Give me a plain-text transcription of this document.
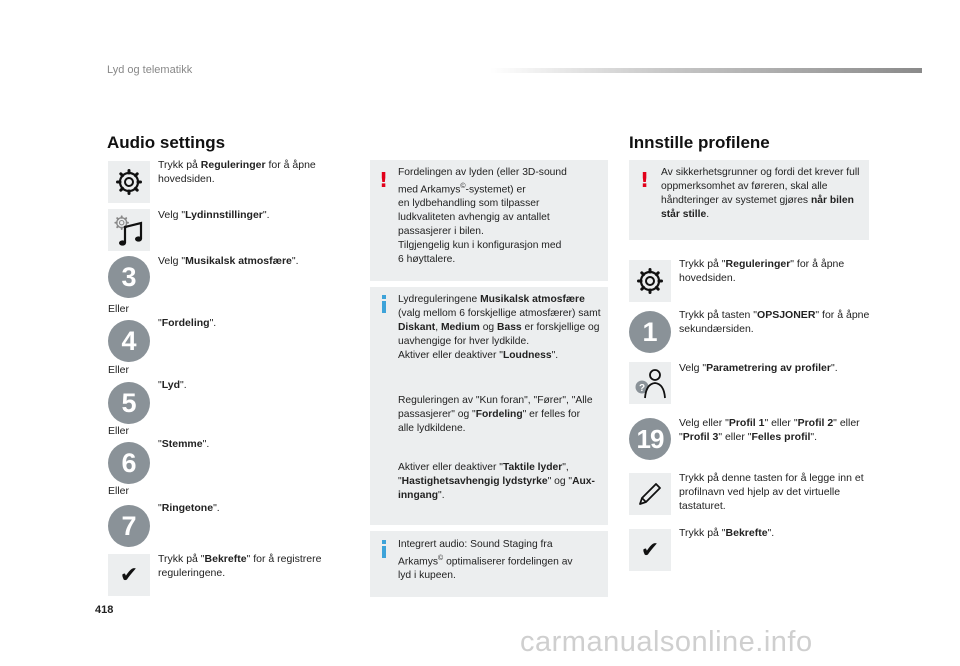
Lyd og telematikk
Audio settings
Trykk på Reguleringer for å åpne hovedsiden.
Velg "Lydinnstillinger".
3
Velg "Musikalsk atmosfære".
Eller
4
"Fordeling".
Eller
5
"Lyd".
Eller
6
"Stemme".
Eller
7
"Ringetone".
✔
Trykk på "Bekrefte" for å registrere reguleringene.
! Fordelingen av lyden (eller 3D-sound
med Arkamys©-systemet) er
en lydbehandling som tilpasser
ludkvaliteten avhengig av antallet
passasjerer i bilen.
Tilgjengelig kun i konfigurasjon med
6 høyttalere.
Lydreguleringene Musikalsk atmosfære (valg mellom 6 forskjellige atmosfærer) samt Diskant, Medium og Bass er forskjellige og uavhengige for hver lydkilde.
Aktiver eller deaktiver "Loudness".
Reguleringen av "Kun foran", "Fører", "Alle passasjerer" og "Fordeling" er felles for alle lydkildene.
Aktiver eller deaktiver "Taktile lyder", "Hastighetsavhengig lydstyrke" og "Aux-inngang".
Integrert audio: Sound Staging fra
Arkamys© optimaliserer fordelingen av
lyd i kupeen.
Innstille profilene
! Av sikkerhetsgrunner og fordi det krever full oppmerksomhet av føreren, skal alle håndteringer av systemet gjøres når bilen står stille.
Trykk på "Reguleringer" for å åpne hovedsiden.
1
Trykk på tasten "OPSJONER" for å åpne sekundærsiden.
?
Velg "Parametrering av profiler".
19
Velg eller "Profil 1" eller "Profil 2" eller "Profil 3" eller "Felles profil".
Trykk på denne tasten for å legge inn et profilnavn ved hjelp av det virtuelle tastaturet.
✔
Trykk på "Bekrefte".
418
carmanualsonline.info
